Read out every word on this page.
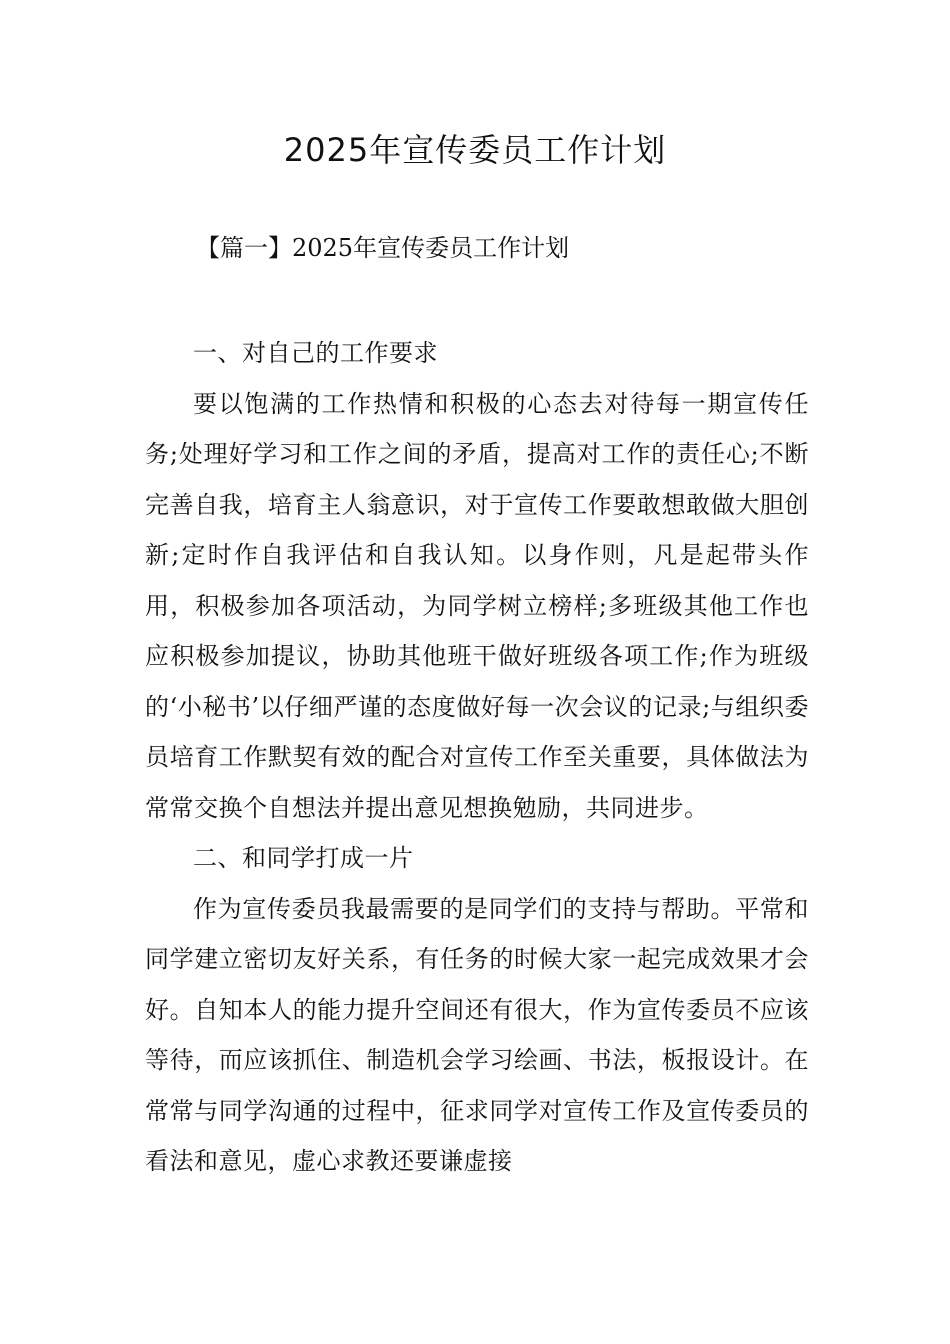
2025年宣传委员工作计划

【篇一】2025年宣传委员工作计划

一、对自己的工作要求

要以饱满的工作热情和积极的心态去对待每一期宣传任务;处理好学习和工作之间的矛盾，提高对工作的责任心;不断完善自我，培育主人翁意识，对于宣传工作要敢想敢做大胆创新;定时作自我评估和自我认知。以身作则，凡是起带头作用，积极参加各项活动，为同学树立榜样;多班级其他工作也应积极参加提议，协助其他班干做好班级各项工作;作为班级的‘小秘书’以仔细严谨的态度做好每一次会议的记录;与组织委员培育工作默契有效的配合对宣传工作至关重要，具体做法为常常交换个自想法并提出意见想换勉励，共同进步。

二、和同学打成一片

作为宣传委员我最需要的是同学们的支持与帮助。平常和同学建立密切友好关系，有任务的时候大家一起完成效果才会好。自知本人的能力提升空间还有很大，作为宣传委员不应该等待，而应该抓住、制造机会学习绘画、书法，板报设计。在常常与同学沟通的过程中，征求同学对宣传工作及宣传委员的看法和意见，虚心求教还要谦虚接
